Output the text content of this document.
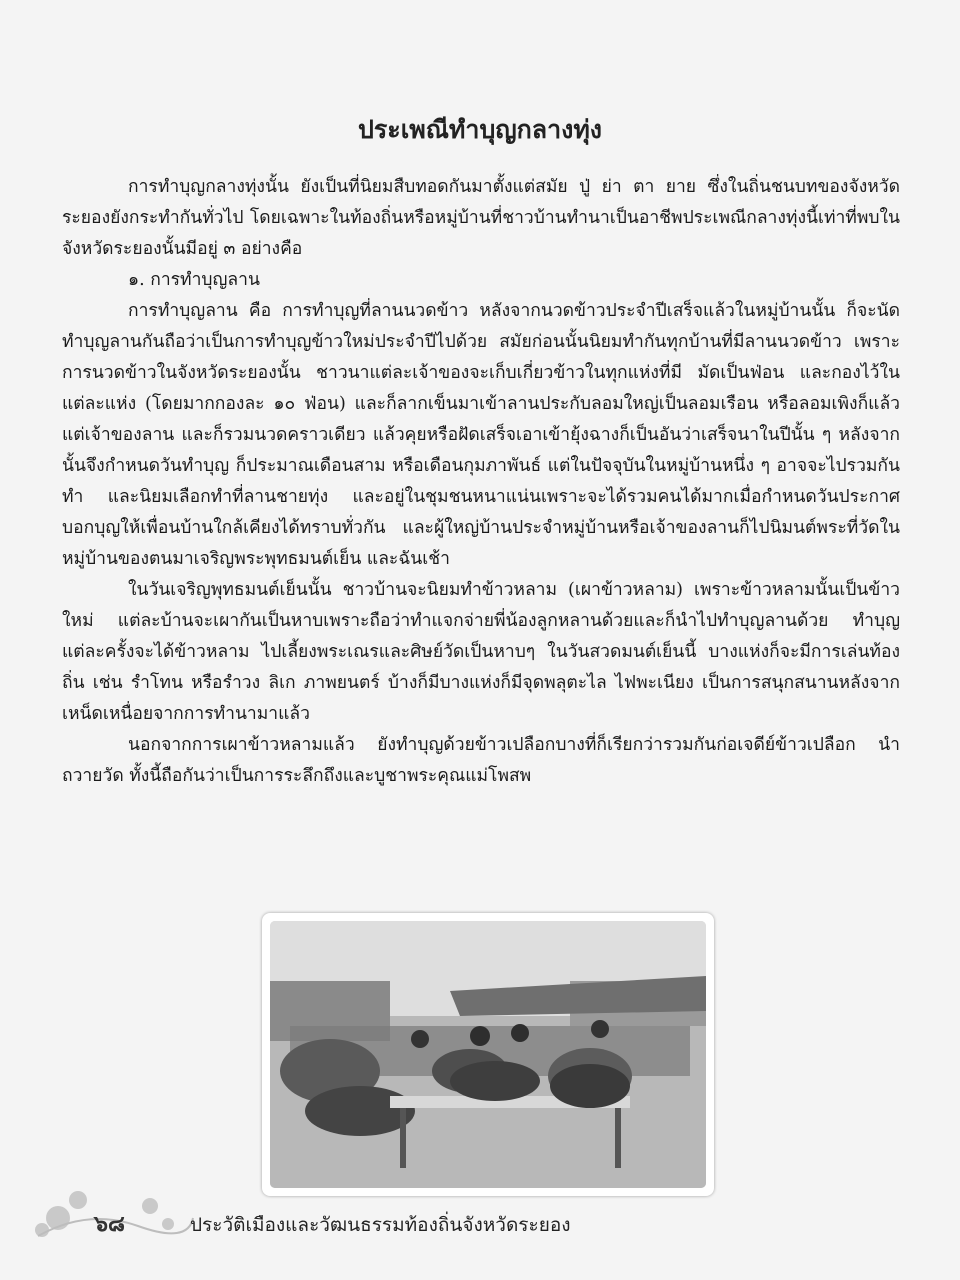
ประเพณีทำบุญกลางทุ่ง

การทำบุญกลางทุ่งนั้น ยังเป็นที่นิยมสืบทอดกันมาตั้งแต่สมัย ปู่ ย่า ตา ยาย ซึ่งในถิ่นชนบทของจังหวัดระยองยังกระทำกันทั่วไป โดยเฉพาะในท้องถิ่นหรือหมู่บ้านที่ชาวบ้านทำนาเป็นอาชีพประเพณีกลางทุ่งนี้เท่าที่พบในจังหวัดระยองนั้นมีอยู่ ๓ อย่างคือ

๑. การทำบุญลาน

การทำบุญลาน คือ การทำบุญที่ลานนวดข้าว หลังจากนวดข้าวประจำปีเสร็จแล้วในหมู่บ้านนั้น ก็จะนัดทำบุญลานกันถือว่าเป็นการทำบุญข้าวใหม่ประจำปีไปด้วย สมัยก่อนนั้นนิยมทำกันทุกบ้านที่มีลานนวดข้าว เพราะการนวดข้าวในจังหวัดระยองนั้น ชาวนาแต่ละเจ้าของจะเก็บเกี่ยวข้าวในทุกแห่งที่มี มัดเป็นฟ่อน และกองไว้ในแต่ละแห่ง (โดยมากกองละ ๑๐ ฟ่อน) และก็ลากเข็นมาเข้าลานประกับลอมใหญ่เป็นลอมเรือน หรือลอมเพิงก็แล้วแต่เจ้าของลาน และก็รวมนวดคราวเดียว แล้วคุยหรือฝัดเสร็จเอาเข้ายุ้งฉางก็เป็นอันว่าเสร็จนาในปีนั้น ๆ หลังจากนั้นจึงกำหนดวันทำบุญ ก็ประมาณเดือนสาม หรือเดือนกุมภาพันธ์ แต่ในปัจจุบันในหมู่บ้านหนึ่ง ๆ อาจจะไปรวมกันทำ และนิยมเลือกทำที่ลานชายทุ่ง และอยู่ในชุมชนหนาแน่นเพราะจะได้รวมคนได้มากเมื่อกำหนดวันประกาศบอกบุญให้เพื่อนบ้านใกล้เคียงได้ทราบทั่วกัน และผู้ใหญ่บ้านประจำหมู่บ้านหรือเจ้าของลานก็ไปนิมนต์พระที่วัดในหมู่บ้านของตนมาเจริญพระพุทธมนต์เย็น และฉันเช้า

ในวันเจริญพุทธมนต์เย็นนั้น ชาวบ้านจะนิยมทำข้าวหลาม (เผาข้าวหลาม) เพราะข้าวหลามนั้นเป็นข้าวใหม่ แต่ละบ้านจะเผากันเป็นหาบเพราะถือว่าทำแจกจ่ายพี่น้องลูกหลานด้วยและก็นำไปทำบุญลานด้วย ทำบุญแต่ละครั้งจะได้ข้าวหลาม ไปเลี้ยงพระเณรและศิษย์วัดเป็นหาบๆ ในวันสวดมนต์เย็นนี้ บางแห่งก็จะมีการเล่นท้องถิ่น เช่น รำโทน หรือรำวง ลิเก ภาพยนตร์ บ้างก็มีบางแห่งก็มีจุดพลุตะไล ไฟพะเนียง เป็นการสนุกสนานหลังจากเหน็ดเหนื่อยจากการทำนามาแล้ว

นอกจากการเผาข้าวหลามแล้ว ยังทำบุญด้วยข้าวเปลือกบางที่ก็เรียกว่ารวมกันก่อเจดีย์ข้าวเปลือก นำถวายวัด ทั้งนี้ถือกันว่าเป็นการระลึกถึงและบูชาพระคุณแม่โพสพ

๖๘	ประวัติเมืองและวัฒนธรรมท้องถิ่นจังหวัดระยอง
